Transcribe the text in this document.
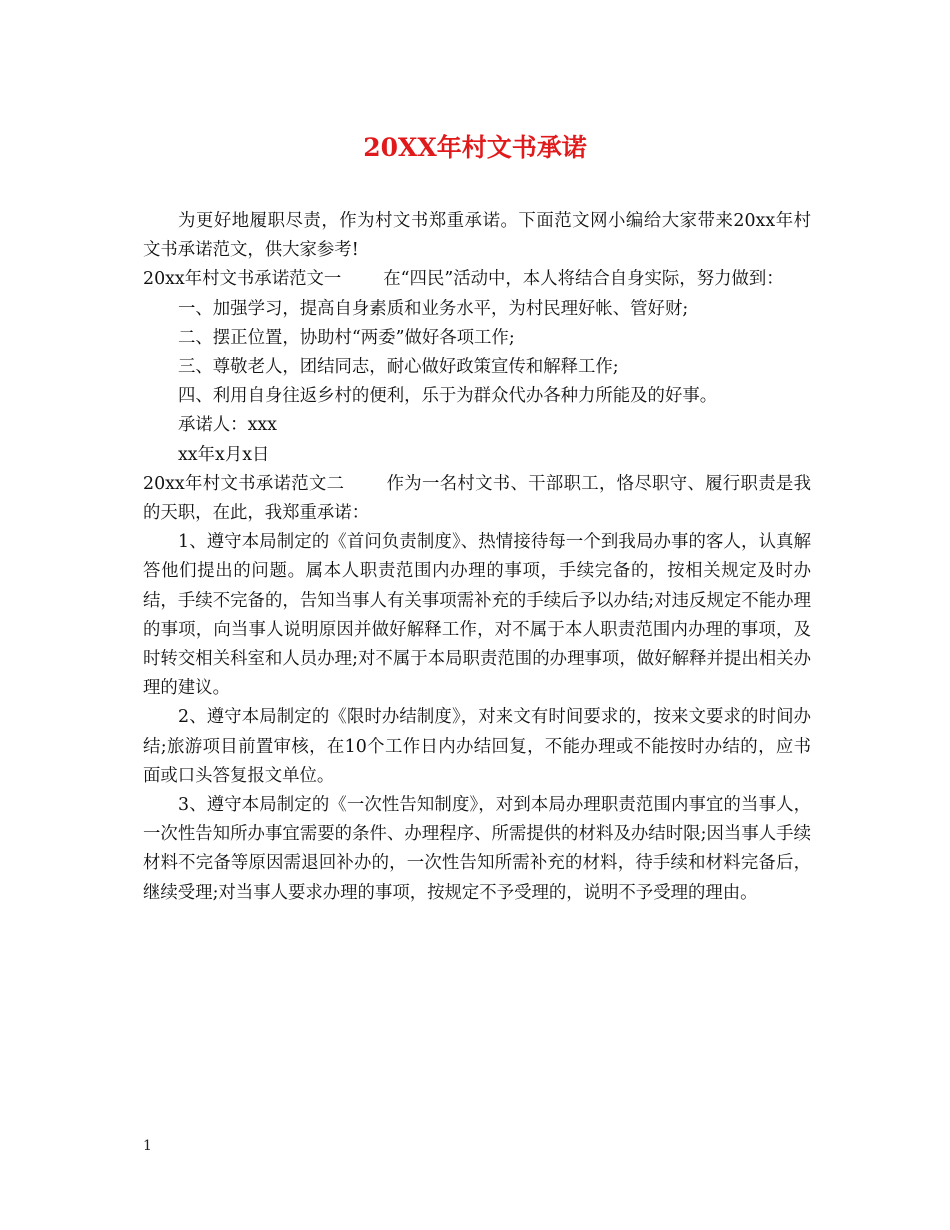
20XX年村文书承诺

为更好地履职尽责，作为村文书郑重承诺。下面范文网小编给大家带来20xx年村文书承诺范文，供大家参考!

20xx年村文书承诺范文一 在“四民”活动中，本人将结合自身实际，努力做到：

一、加强学习，提高自身素质和业务水平，为村民理好帐、管好财;

二、摆正位置，协助村“两委”做好各项工作;

三、尊敬老人，团结同志，耐心做好政策宣传和解释工作;

四、利用自身往返乡村的便利，乐于为群众代办各种力所能及的好事。

承诺人：xxx

xx年x月x日

20xx年村文书承诺范文二 作为一名村文书、干部职工，恪尽职守、履行职责是我的天职，在此，我郑重承诺：

1、遵守本局制定的《首问负责制度》、热情接待每一个到我局办事的客人，认真解答他们提出的问题。属本人职责范围内办理的事项，手续完备的，按相关规定及时办结，手续不完备的，告知当事人有关事项需补充的手续后予以办结;对违反规定不能办理的事项，向当事人说明原因并做好解释工作，对不属于本人职责范围内办理的事项，及时转交相关科室和人员办理;对不属于本局职责范围的办理事项，做好解释并提出相关办理的建议。

2、遵守本局制定的《限时办结制度》，对来文有时间要求的，按来文要求的时间办结;旅游项目前置审核，在10个工作日内办结回复，不能办理或不能按时办结的，应书面或口头答复报文单位。

3、遵守本局制定的《一次性告知制度》，对到本局办理职责范围内事宜的当事人，一次性告知所办事宜需要的条件、办理程序、所需提供的材料及办结时限;因当事人手续材料不完备等原因需退回补办的，一次性告知所需补充的材料，待手续和材料完备后，继续受理;对当事人要求办理的事项，按规定不予受理的，说明不予受理的理由。

1
